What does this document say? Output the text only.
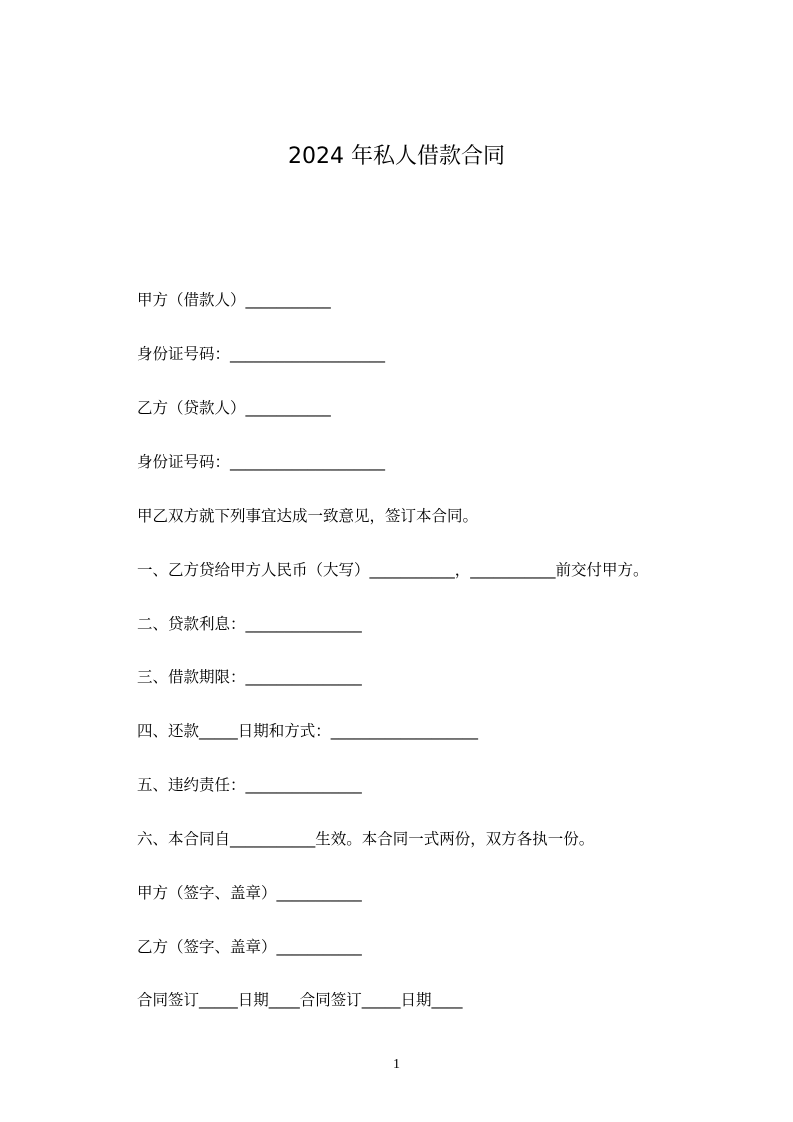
2024 年私人借款合同

甲方（借款人）___________

身份证号码：____________________

乙方（贷款人）___________

身份证号码：____________________

甲乙双方就下列事宜达成一致意见，签订本合同。

一、乙方贷给甲方人民币（大写）___________，___________前交付甲方。

二、贷款利息：_______________

三、借款期限：_______________

四、还款_____日期和方式：___________________

五、违约责任：_______________

六、本合同自___________生效。本合同一式两份，双方各执一份。

甲方（签字、盖章）___________

乙方（签字、盖章）___________

合同签订_____日期____合同签订_____日期____

1
